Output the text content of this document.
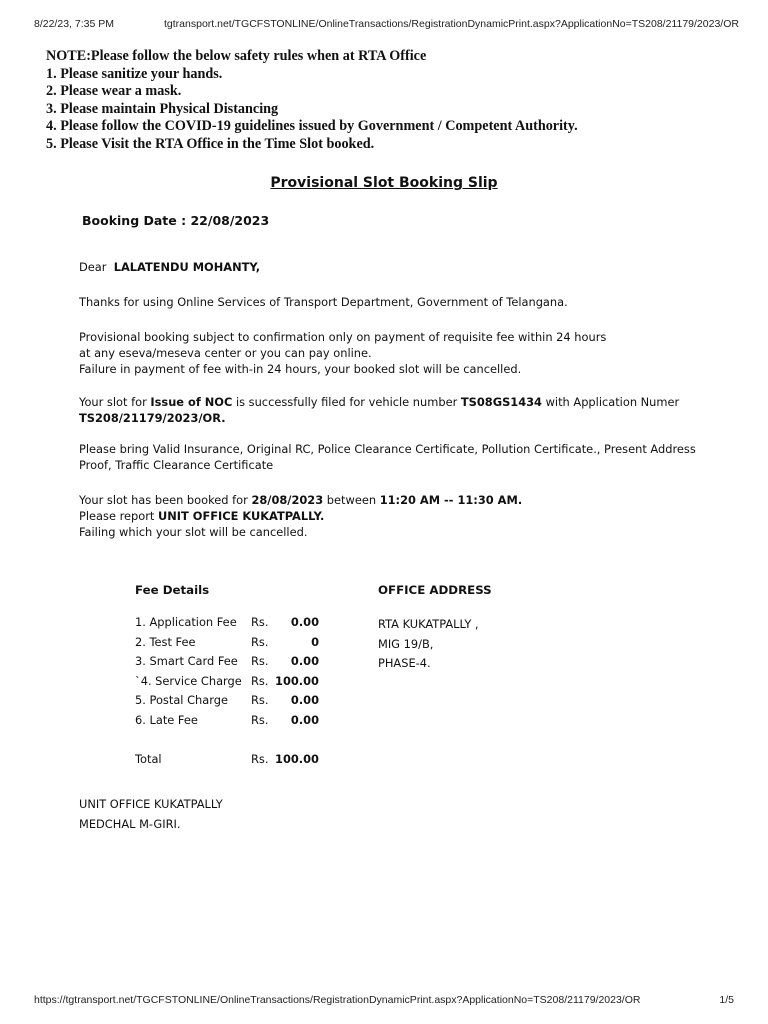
8/22/23, 7:35 PM	tgtransport.net/TGCFSTONLINE/OnlineTransactions/RegistrationDynamicPrint.aspx?ApplicationNo=TS208/21179/2023/OR
NOTE:Please follow the below safety rules when at RTA Office
1. Please sanitize your hands.
2. Please wear a mask.
3. Please maintain Physical Distancing
4. Please follow the COVID-19 guidelines issued by Government / Competent Authority.
5. Please Visit the RTA Office in the Time Slot booked.
Provisional Slot Booking Slip
Booking Date : 22/08/2023
Dear LALATENDU MOHANTY,
Thanks for using Online Services of Transport Department, Government of Telangana.
Provisional booking subject to confirmation only on payment of requisite fee within 24 hours
at any eseva/meseva center or you can pay online.
Failure in payment of fee with-in 24 hours, your booked slot will be cancelled.
Your slot for Issue of NOC is successfully filed for vehicle number TS08GS1434 with Application Numer
TS208/21179/2023/OR.
Please bring Valid Insurance, Original RC, Police Clearance Certificate, Pollution Certificate., Present Address
Proof, Traffic Clearance Certificate
Your slot has been booked for 28/08/2023 between 11:20 AM -- 11:30 AM.
Please report UNIT OFFICE KUKATPALLY.
Failing which your slot will be cancelled.
Fee Details	OFFICE ADDRESS
1. Application Fee Rs.	0.00
2. Test Fee	Rs.	0
3. Smart Card Fee Rs.	0.00
`4. Service Charge Rs. 100.00
5. Postal Charge Rs.	0.00
6. Late Fee	Rs.	0.00
Total	Rs. 100.00
RTA KUKATPALLY ,
MIG 19/B,
PHASE-4.
UNIT OFFICE KUKATPALLY
MEDCHAL M-GIRI.
https://tgtransport.net/TGCFSTONLINE/OnlineTransactions/RegistrationDynamicPrint.aspx?ApplicationNo=TS208/21179/2023/OR	1/5
